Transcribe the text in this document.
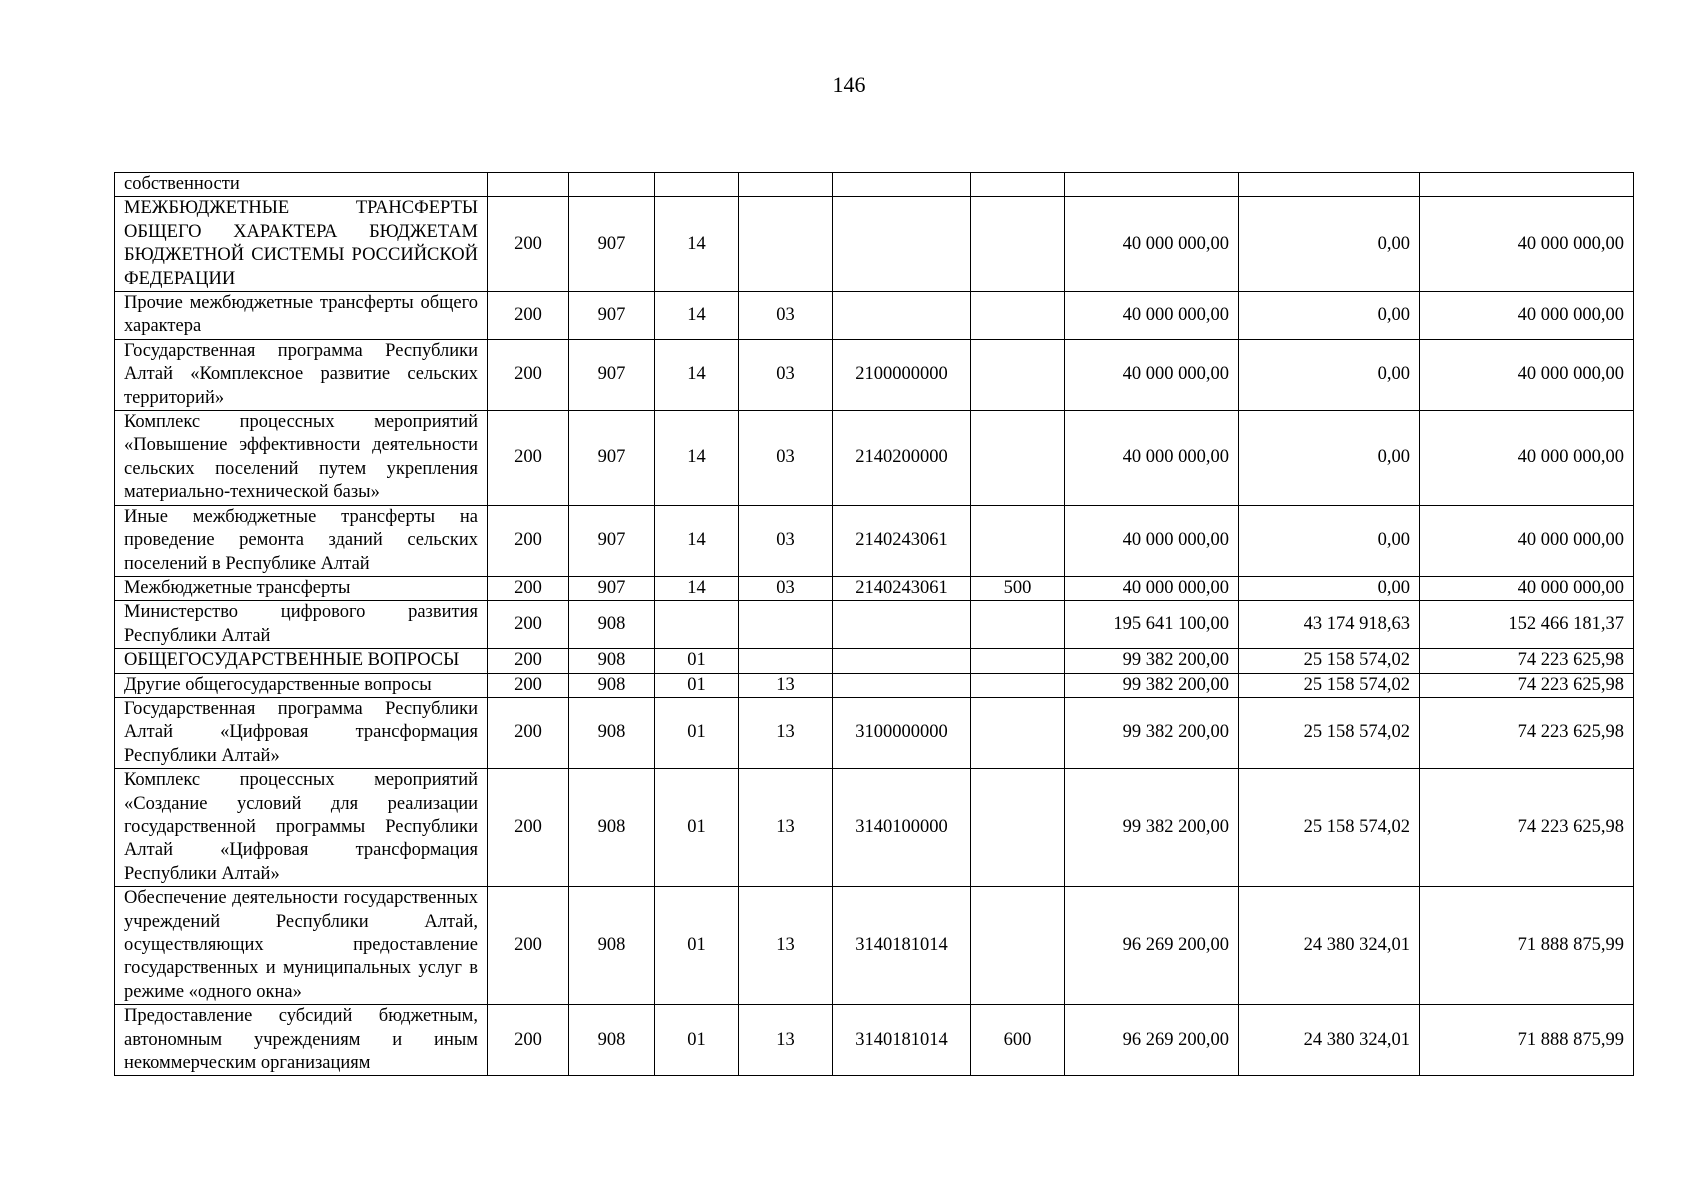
146
собственности									
МЕЖБЮДЖЕТНЫЕ ТРАНСФЕРТЫ ОБЩЕГО ХАРАКТЕРА БЮДЖЕТАМ БЮДЖЕТНОЙ СИСТЕМЫ РОССИЙСКОЙ ФЕДЕРАЦИИ	200	907	14				40 000 000,00	0,00	40 000 000,00
Прочие межбюджетные трансферты общего характера	200	907	14	03			40 000 000,00	0,00	40 000 000,00
Государственная программа Республики Алтай «Комплексное развитие сельских территорий»	200	907	14	03	2100000000		40 000 000,00	0,00	40 000 000,00
Комплекс процессных мероприятий «Повышение эффективности деятельности сельских поселений путем укрепления материально-технической базы»	200	907	14	03	2140200000		40 000 000,00	0,00	40 000 000,00
Иные межбюджетные трансферты на проведение ремонта зданий сельских поселений в Республике Алтай	200	907	14	03	2140243061		40 000 000,00	0,00	40 000 000,00
Межбюджетные трансферты	200	907	14	03	2140243061	500	40 000 000,00	0,00	40 000 000,00
Министерство цифрового развития Республики Алтай	200	908					195 641 100,00	43 174 918,63	152 466 181,37
ОБЩЕГОСУДАРСТВЕННЫЕ ВОПРОСЫ	200	908	01				99 382 200,00	25 158 574,02	74 223 625,98
Другие общегосударственные вопросы	200	908	01	13			99 382 200,00	25 158 574,02	74 223 625,98
Государственная программа Республики Алтай «Цифровая трансформация Республики Алтай»	200	908	01	13	3100000000		99 382 200,00	25 158 574,02	74 223 625,98
Комплекс процессных мероприятий «Создание условий для реализации государственной программы Республики Алтай «Цифровая трансформация Республики Алтай»	200	908	01	13	3140100000		99 382 200,00	25 158 574,02	74 223 625,98
Обеспечение деятельности государственных учреждений Республики Алтай, осуществляющих предоставление государственных и муниципальных услуг в режиме «одного окна»	200	908	01	13	3140181014		96 269 200,00	24 380 324,01	71 888 875,99
Предоставление субсидий бюджетным, автономным учреждениям и иным некоммерческим организациям	200	908	01	13	3140181014	600	96 269 200,00	24 380 324,01	71 888 875,99
